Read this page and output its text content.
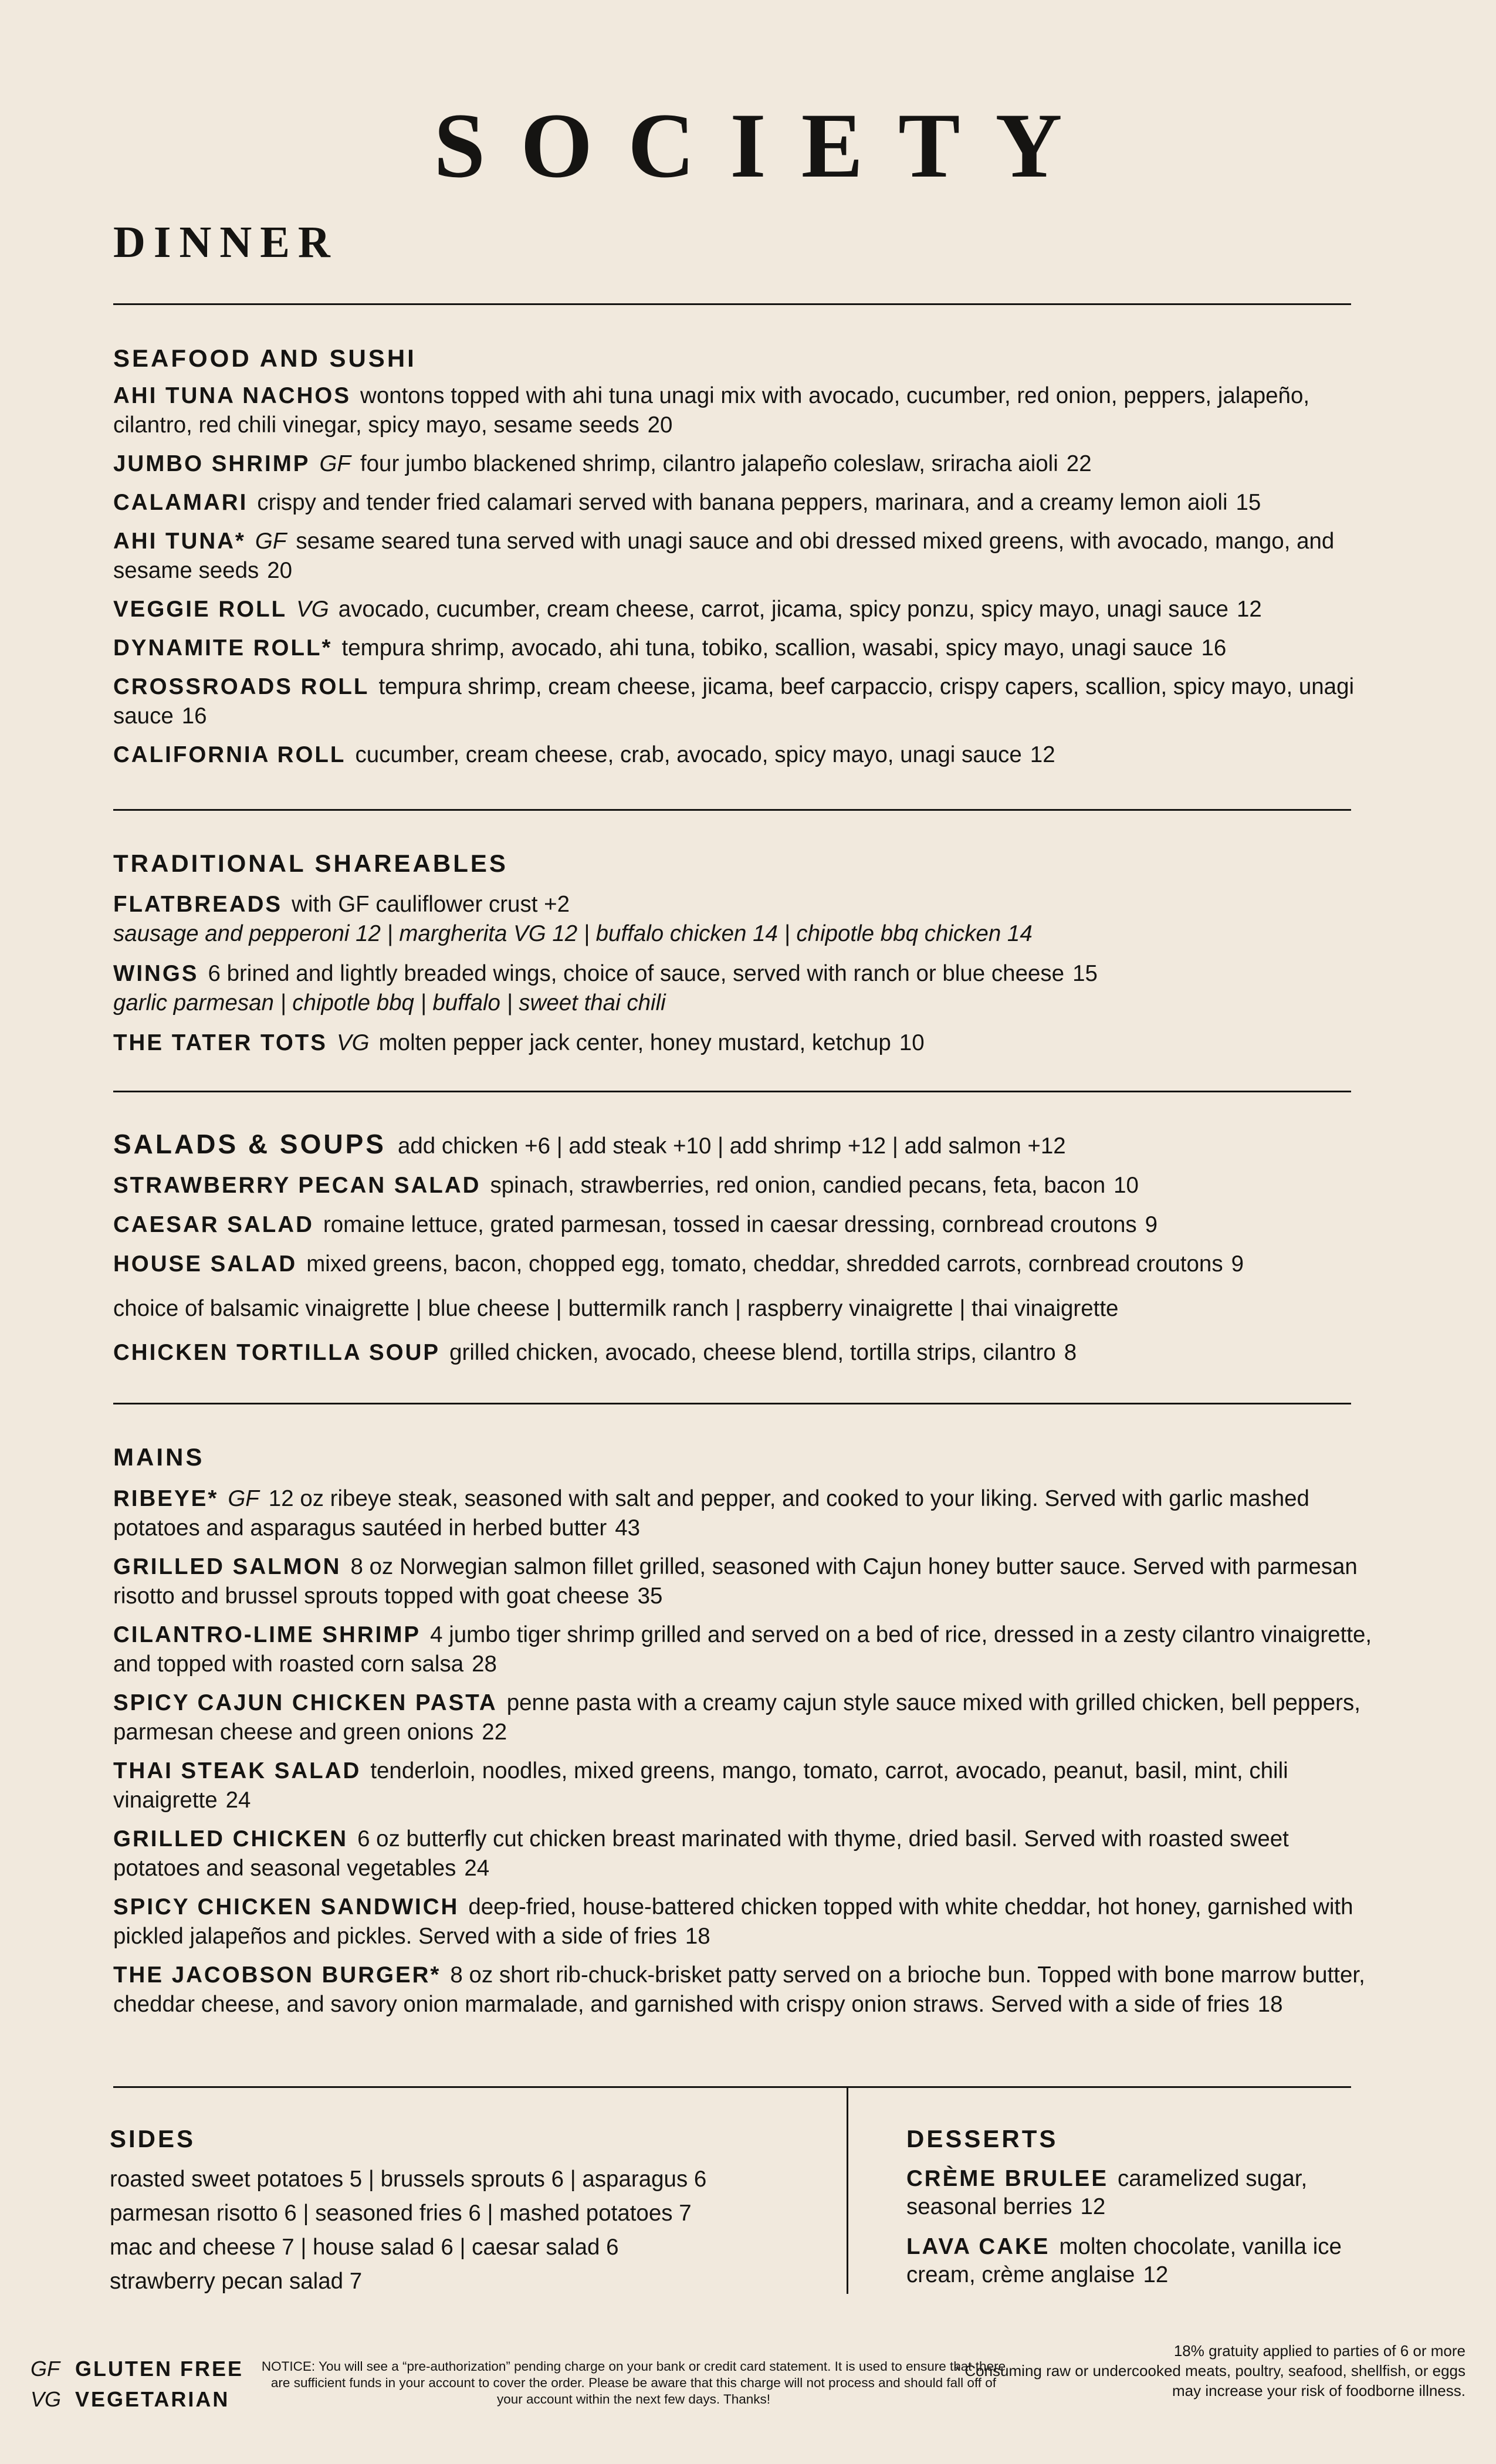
SOCIETY
DINNER
SEAFOOD AND SUSHI
AHI TUNA NACHOS wontons topped with ahi tuna unagi mix with avocado, cucumber, red onion, peppers, jalapeño, cilantro, red chili vinegar, spicy mayo, sesame seeds 20
JUMBO SHRIMP GF four jumbo blackened shrimp, cilantro jalapeño coleslaw, sriracha aioli 22
CALAMARI crispy and tender fried calamari served with banana peppers, marinara, and a creamy lemon aioli 15
AHI TUNA* GF sesame seared tuna served with unagi sauce and obi dressed mixed greens, with avocado, mango, and sesame seeds 20
VEGGIE ROLL VG avocado, cucumber, cream cheese, carrot, jicama, spicy ponzu, spicy mayo, unagi sauce 12
DYNAMITE ROLL* tempura shrimp, avocado, ahi tuna, tobiko, scallion, wasabi, spicy mayo, unagi sauce 16
CROSSROADS ROLL tempura shrimp, cream cheese, jicama, beef carpaccio, crispy capers, scallion, spicy mayo, unagi sauce 16
CALIFORNIA ROLL cucumber, cream cheese, crab, avocado, spicy mayo, unagi sauce 12
TRADITIONAL SHAREABLES
FLATBREADS with GF cauliflower crust +2
sausage and pepperoni 12 | margherita VG 12 | buffalo chicken 14 | chipotle bbq chicken 14
WINGS 6 brined and lightly breaded wings, choice of sauce, served with ranch or blue cheese 15
garlic parmesan | chipotle bbq | buffalo | sweet thai chili
THE TATER TOTS VG molten pepper jack center, honey mustard, ketchup 10
SALADS & SOUPS add chicken +6 | add steak +10 | add shrimp +12 | add salmon +12
STRAWBERRY PECAN SALAD spinach, strawberries, red onion, candied pecans, feta, bacon 10
CAESAR SALAD romaine lettuce, grated parmesan, tossed in caesar dressing, cornbread croutons 9
HOUSE SALAD mixed greens, bacon, chopped egg, tomato, cheddar, shredded carrots, cornbread croutons 9
choice of balsamic vinaigrette | blue cheese | buttermilk ranch | raspberry vinaigrette | thai vinaigrette
CHICKEN TORTILLA SOUP grilled chicken, avocado, cheese blend, tortilla strips, cilantro 8
MAINS
RIBEYE* GF 12 oz ribeye steak, seasoned with salt and pepper, and cooked to your liking. Served with garlic mashed potatoes and asparagus sautéed in herbed butter 43
GRILLED SALMON 8 oz Norwegian salmon fillet grilled, seasoned with Cajun honey butter sauce. Served with parmesan risotto and brussel sprouts topped with goat cheese 35
CILANTRO-LIME SHRIMP 4 jumbo tiger shrimp grilled and served on a bed of rice, dressed in a zesty cilantro vinaigrette, and topped with roasted corn salsa 28
SPICY CAJUN CHICKEN PASTA penne pasta with a creamy cajun style sauce mixed with grilled chicken, bell peppers, parmesan cheese and green onions 22
THAI STEAK SALAD tenderloin, noodles, mixed greens, mango, tomato, carrot, avocado, peanut, basil, mint, chili vinaigrette 24
GRILLED CHICKEN 6 oz butterfly cut chicken breast marinated with thyme, dried basil. Served with roasted sweet potatoes and seasonal vegetables 24
SPICY CHICKEN SANDWICH deep-fried, house-battered chicken topped with white cheddar, hot honey, garnished with pickled jalapeños and pickles. Served with a side of fries 18
THE JACOBSON BURGER* 8 oz short rib-chuck-brisket patty served on a brioche bun. Topped with bone marrow butter, cheddar cheese, and savory onion marmalade, and garnished with crispy onion straws. Served with a side of fries 18
SIDES
roasted sweet potatoes 5 | brussels sprouts 6 | asparagus 6
parmesan risotto 6 | seasoned fries 6 | mashed potatoes 7
mac and cheese 7 | house salad 6 | caesar salad 6
strawberry pecan salad 7
DESSERTS
CRÈME BRULEE caramelized sugar, seasonal berries 12
LAVA CAKE molten chocolate, vanilla ice cream, crème anglaise 12
GF GLUTEN FREE
VG VEGETARIAN
NOTICE: You will see a “pre-authorization” pending charge on your bank or credit card statement. It is used to ensure that there are sufficient funds in your account to cover the order. Please be aware that this charge will not process and should fall off of your account within the next few days. Thanks!
18% gratuity applied to parties of 6 or more
* Consuming raw or undercooked meats, poultry, seafood, shellfish, or eggs may increase your risk of foodborne illness.
